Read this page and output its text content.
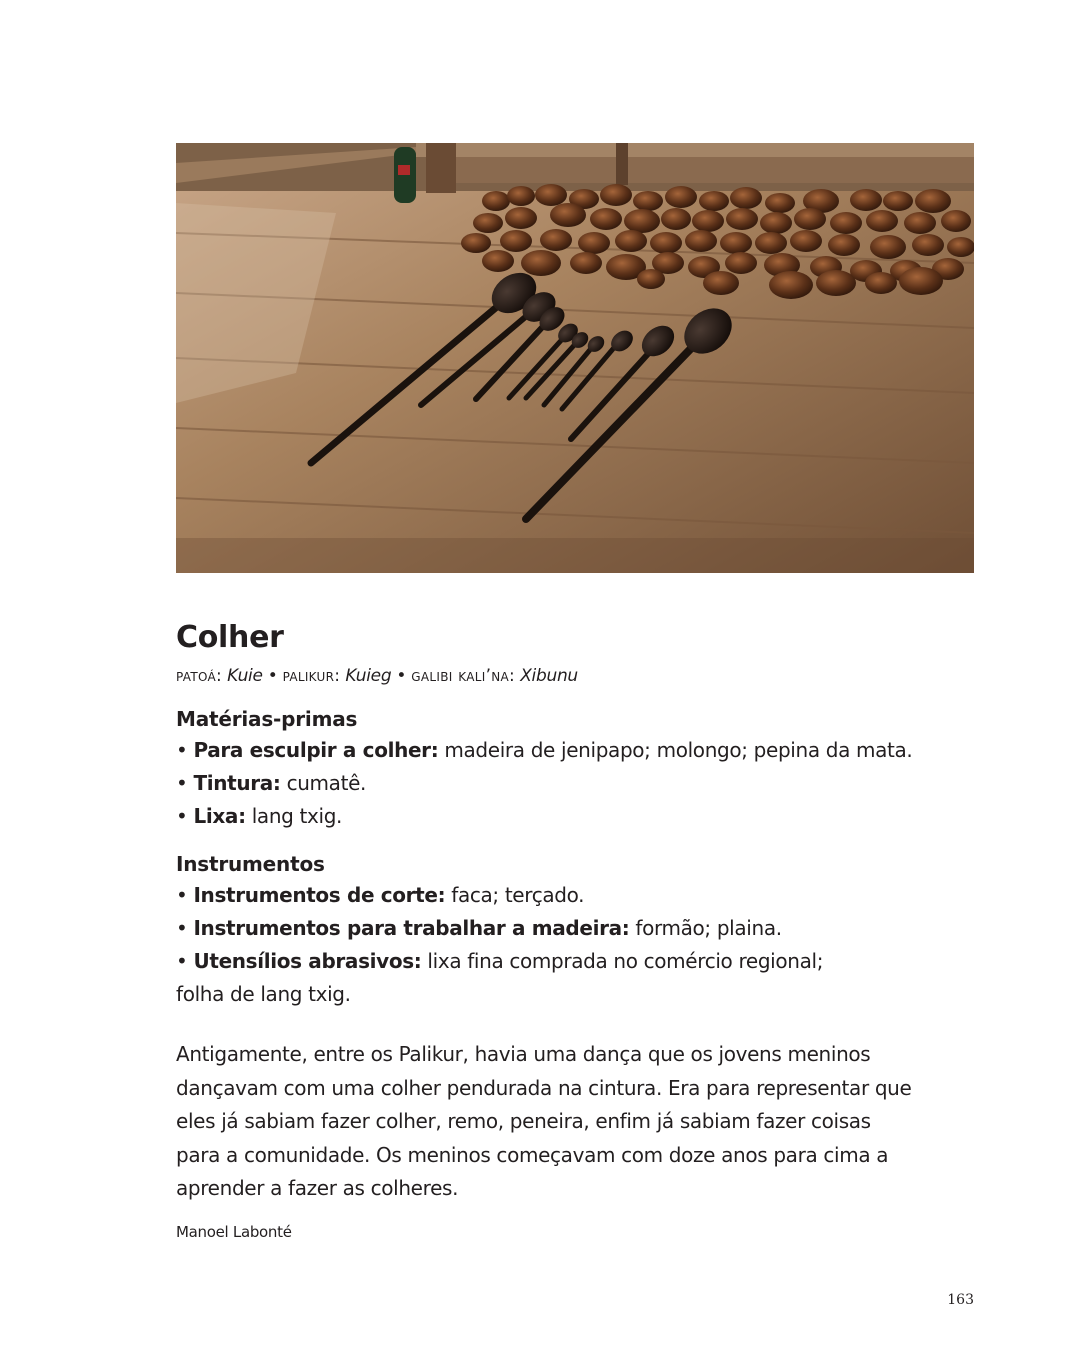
Colher
patoá: Kuie • palikur: Kuieg • galibi kali’na: Xibunu
Matérias-primas
• Para esculpir a colher: madeira de jenipapo; molongo; pepina da mata.
• Tintura: cumatê.
• Lixa: lang txig.
Instrumentos
• Instrumentos de corte: faca; terçado.
• Instrumentos para trabalhar a madeira: formão; plaina.
• Utensílios abrasivos: lixa fina comprada no comércio regional;
folha de lang txig.

Antigamente, entre os Palikur, havia uma dança que os jovens meninos
dançavam com uma colher pendurada na cintura. Era para representar que
eles já sabiam fazer colher, remo, peneira, enfim já sabiam fazer coisas
para a comunidade. Os meninos começavam com doze anos para cima a
aprender a fazer as colheres.

Manoel Labonté
163
